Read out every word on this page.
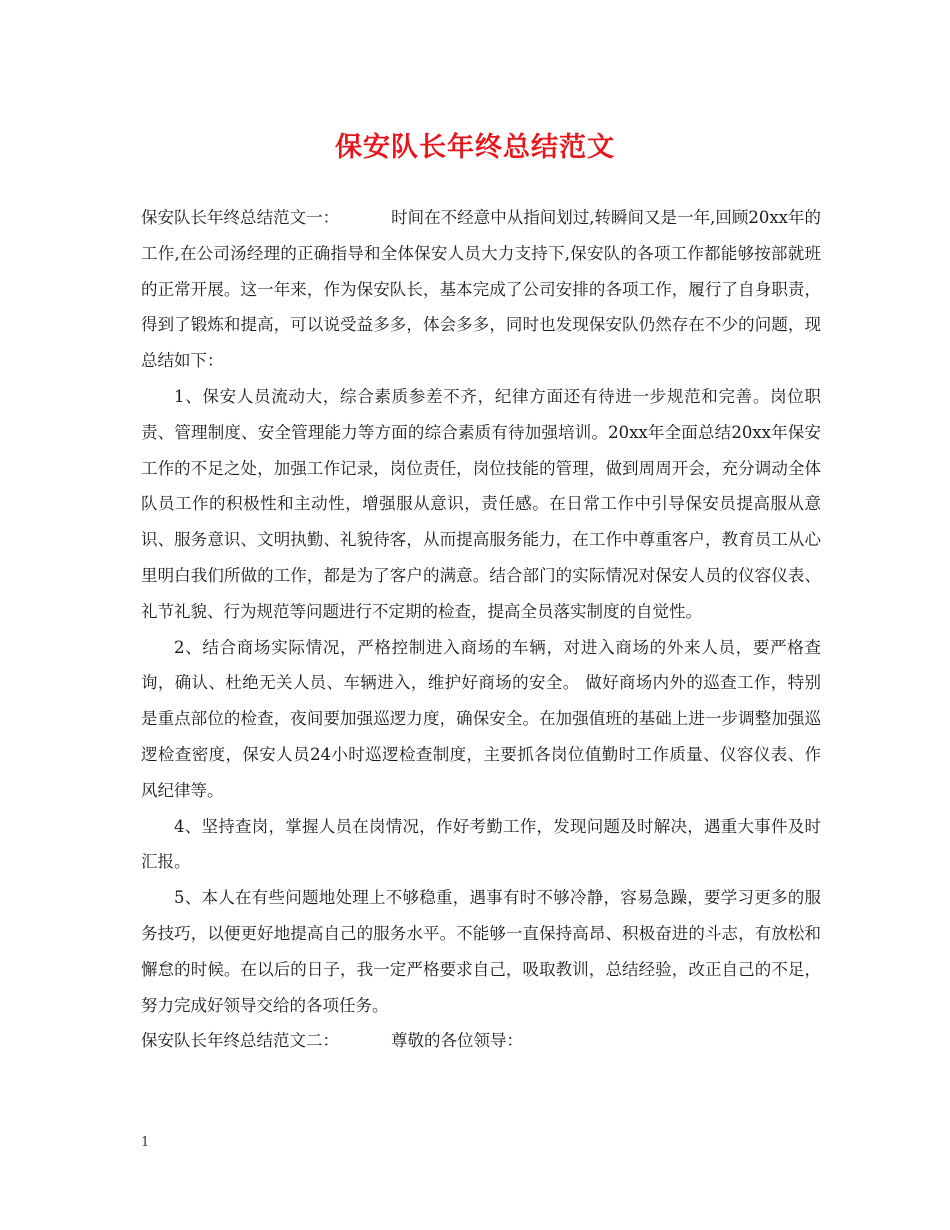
保安队长年终总结范文

保安队长年终总结范文一：	时间在不经意中从指间划过,转瞬间又是一年,回顾20xx年的工作,在公司汤经理的正确指导和全体保安人员大力支持下,保安队的各项工作都能够按部就班的正常开展。这一年来，作为保安队长，基本完成了公司安排的各项工作，履行了自身职责，得到了锻炼和提高，可以说受益多多，体会多多，同时也发现保安队仍然存在不少的问题，现总结如下：

1、保安人员流动大，综合素质参差不齐，纪律方面还有待进一步规范和完善。岗位职责、管理制度、安全管理能力等方面的综合素质有待加强培训。20xx年全面总结20xx年保安工作的不足之处，加强工作记录，岗位责任，岗位技能的管理，做到周周开会，充分调动全体队员工作的积极性和主动性，增强服从意识，责任感。在日常工作中引导保安员提高服从意识、服务意识、文明执勤、礼貌待客，从而提高服务能力，在工作中尊重客户，教育员工从心里明白我们所做的工作，都是为了客户的满意。结合部门的实际情况对保安人员的仪容仪表、礼节礼貌、行为规范等问题进行不定期的检查，提高全员落实制度的自觉性。

2、结合商场实际情况，严格控制进入商场的车辆，对进入商场的外来人员，要严格查询，确认、杜绝无关人员、车辆进入，维护好商场的安全。 做好商场内外的巡查工作，特别是重点部位的检查，夜间要加强巡逻力度，确保安全。在加强值班的基础上进一步调整加强巡逻检查密度，保安人员24小时巡逻检查制度，主要抓各岗位值勤时工作质量、仪容仪表、作风纪律等。

4、坚持查岗，掌握人员在岗情况，作好考勤工作，发现问题及时解决，遇重大事件及时汇报。

5、本人在有些问题地处理上不够稳重，遇事有时不够冷静，容易急躁，要学习更多的服务技巧，以便更好地提高自己的服务水平。不能够一直保持高昂、积极奋进的斗志，有放松和懈怠的时候。在以后的日子，我一定严格要求自己，吸取教训，总结经验，改正自己的不足，努力完成好领导交给的各项任务。

保安队长年终总结范文二：	尊敬的各位领导：

1
